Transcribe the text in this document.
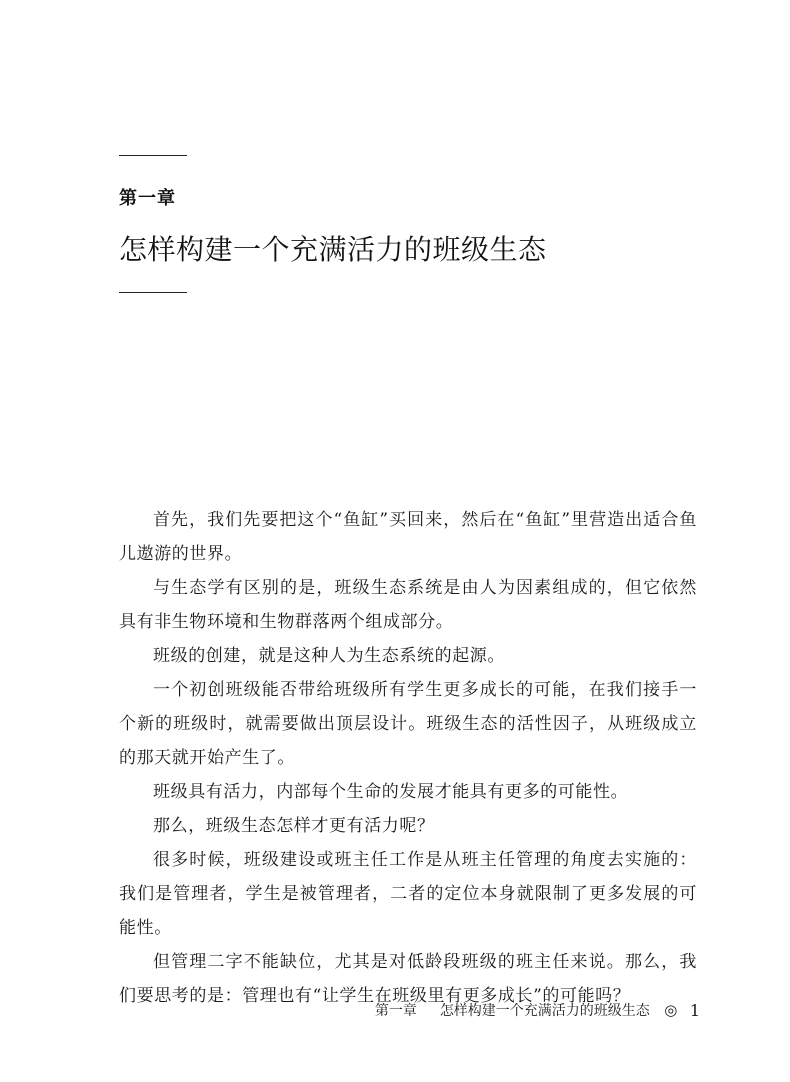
第一章
怎样构建一个充满活力的班级生态

首先，我们先要把这个“鱼缸”买回来，然后在“鱼缸”里营造出适合鱼儿遨游的世界。

与生态学有区别的是，班级生态系统是由人为因素组成的，但它依然具有非生物环境和生物群落两个组成部分。

班级的创建，就是这种人为生态系统的起源。

一个初创班级能否带给班级所有学生更多成长的可能，在我们接手一个新的班级时，就需要做出顶层设计。班级生态的活性因子，从班级成立的那天就开始产生了。

班级具有活力，内部每个生命的发展才能具有更多的可能性。

那么，班级生态怎样才更有活力呢？

很多时候，班级建设或班主任工作是从班主任管理的角度去实施的：我们是管理者，学生是被管理者，二者的定位本身就限制了更多发展的可能性。

但管理二字不能缺位，尤其是对低龄段班级的班主任来说。那么，我们要思考的是：管理也有“让学生在班级里有更多成长”的可能吗？

第一章 怎样构建一个充满活力的班级生态 ◎ 1
